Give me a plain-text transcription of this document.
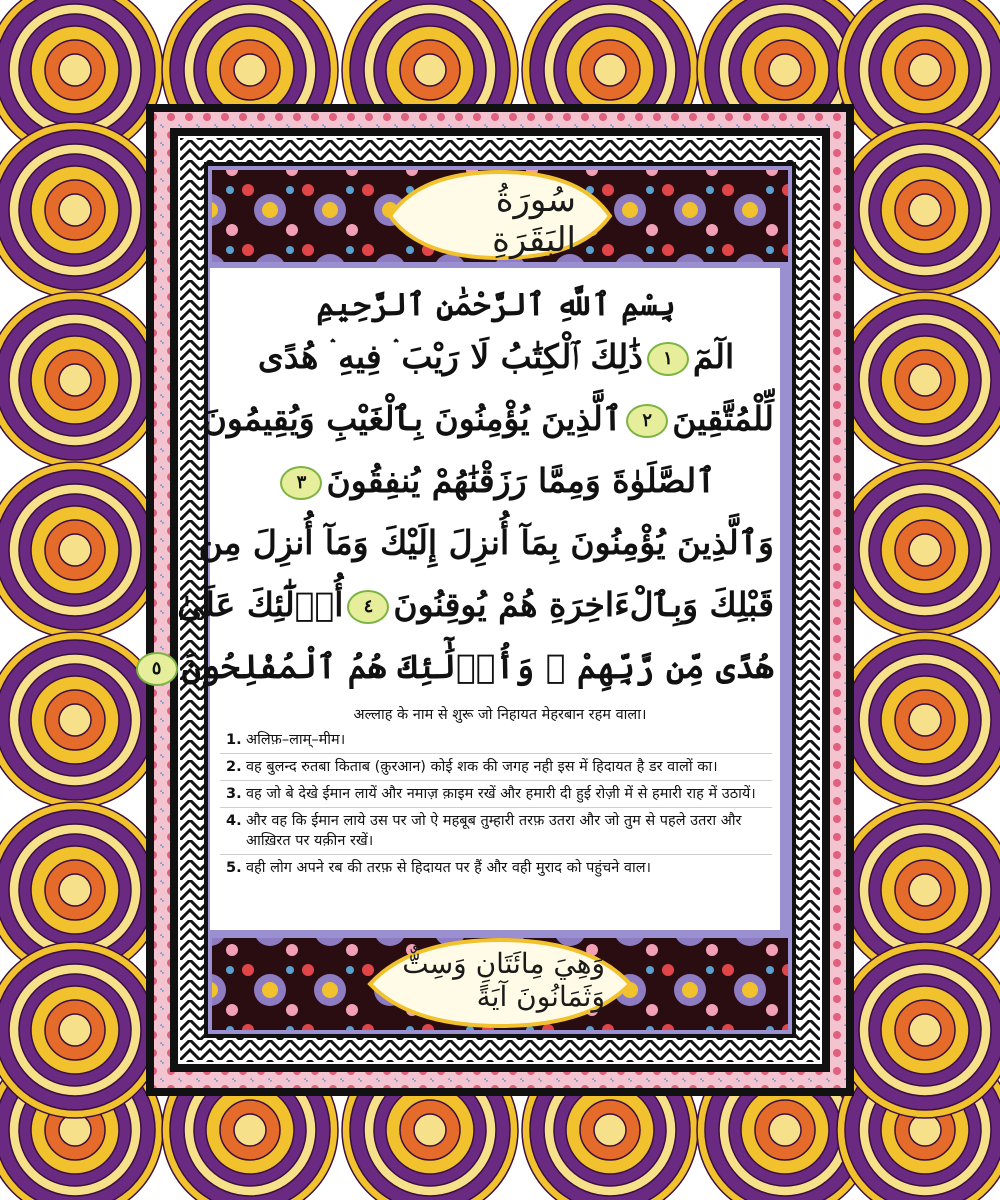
سُورَةُ البَقَرَةِ
بِسْمِ ٱللَّهِ ٱلرَّحْمَٰنِ ٱلرَّحِيمِ
الٓمٓ١ذَٰلِكَ ٱلْكِتَٰبُ لَا رَيْبَ ۛ فِيهِ ۛ هُدًى
لِّلْمُتَّقِينَ٢ٱلَّذِينَ يُؤْمِنُونَ بِٱلْغَيْبِ وَيُقِيمُونَ
ٱلصَّلَوٰةَ وَمِمَّا رَزَقْنَٰهُمْ يُنفِقُونَ٣
وَٱلَّذِينَ يُؤْمِنُونَ بِمَآ أُنزِلَ إِلَيْكَ وَمَآ أُنزِلَ مِن
قَبْلِكَ وَبِٱلْءَاخِرَةِ هُمْ يُوقِنُونَ٤أُو۟لَٰٓئِكَ عَلَىٰ
هُدًى مِّن رَّبِّهِمْ ۖ وَأُو۟لَٰٓئِكَ هُمُ ٱلْمُفْلِحُونَ٥
अल्लाह के नाम से शुरू जो निहायत मेहरबान रहम वाला।
1. अलिफ़–लाम्–मीम।
2. वह बुलन्द रुतबा किताब (क़ुरआन) कोई शक की जगह नही इस में हिदायत है डर वालों का।
3. वह जो बे देखे ईमान लायें और नमाज़ क़ाइम रखें और हमारी दी हुई रोज़ी में से हमारी राह में उठायें।
4. और वह कि ईमान लाये उस पर जो ऐ महबूब तुम्हारी तरफ़ उतरा और जो तुम से पहले उतरा और आख़िरत पर यक़ीन रखें।
5. वही लोग अपने रब की तरफ़ से हिदायत पर हैं और वही मुराद को पहुंचने वाल।
وَهِيَ مِائَتَانِ وَسِتٌّ وَثَمَانُونَ آيَةً
